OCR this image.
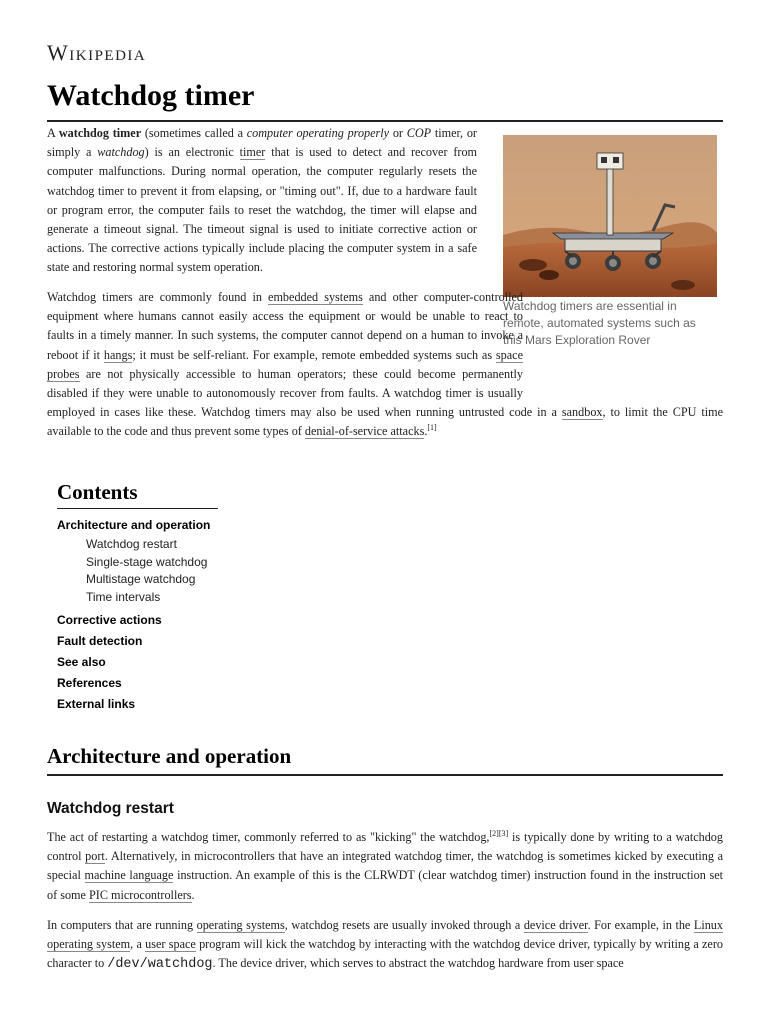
Wikipedia
Watchdog timer
Watchdog timers are essential in remote, automated systems such as this Mars Exploration Rover

A watchdog timer (sometimes called a computer operating properly or COP timer, or simply a watchdog) is an electronic timer that is used to detect and recover from computer malfunctions. During normal operation, the computer regularly resets the watchdog timer to prevent it from elapsing, or "timing out". If, due to a hardware fault or program error, the computer fails to reset the watchdog, the timer will elapse and generate a timeout signal. The timeout signal is used to initiate corrective action or actions. The corrective actions typically include placing the computer system in a safe state and restoring normal system operation.

Watchdog timers are commonly found in embedded systems and other computer-controlled equipment where humans cannot easily access the equipment or would be unable to react to faults in a timely manner. In such systems, the computer cannot depend on a human to invoke a reboot if it hangs; it must be self-reliant. For example, remote embedded systems such as space probes are not physically accessible to human operators; these could become permanently disabled if they were unable to autonomously recover from faults. A watchdog timer is usually employed in cases like these. Watchdog timers may also be used when running untrusted code in a sandbox, to limit the CPU time available to the code and thus prevent some types of denial-of-service attacks.[1]

Contents
Architecture and operation
Watchdog restart
Single-stage watchdog
Multistage watchdog
Time intervals
Corrective actions
Fault detection
See also
References
External links
Architecture and operation
Watchdog restart

The act of restarting a watchdog timer, commonly referred to as "kicking" the watchdog,[2][3] is typically done by writing to a watchdog control port. Alternatively, in microcontrollers that have an integrated watchdog timer, the watchdog is sometimes kicked by executing a special machine language instruction. An example of this is the CLRWDT (clear watchdog timer) instruction found in the instruction set of some PIC microcontrollers.

In computers that are running operating systems, watchdog resets are usually invoked through a device driver. For example, in the Linux operating system, a user space program will kick the watchdog by interacting with the watchdog device driver, typically by writing a zero character to /dev/watchdog. The device driver, which serves to abstract the watchdog hardware from user space
